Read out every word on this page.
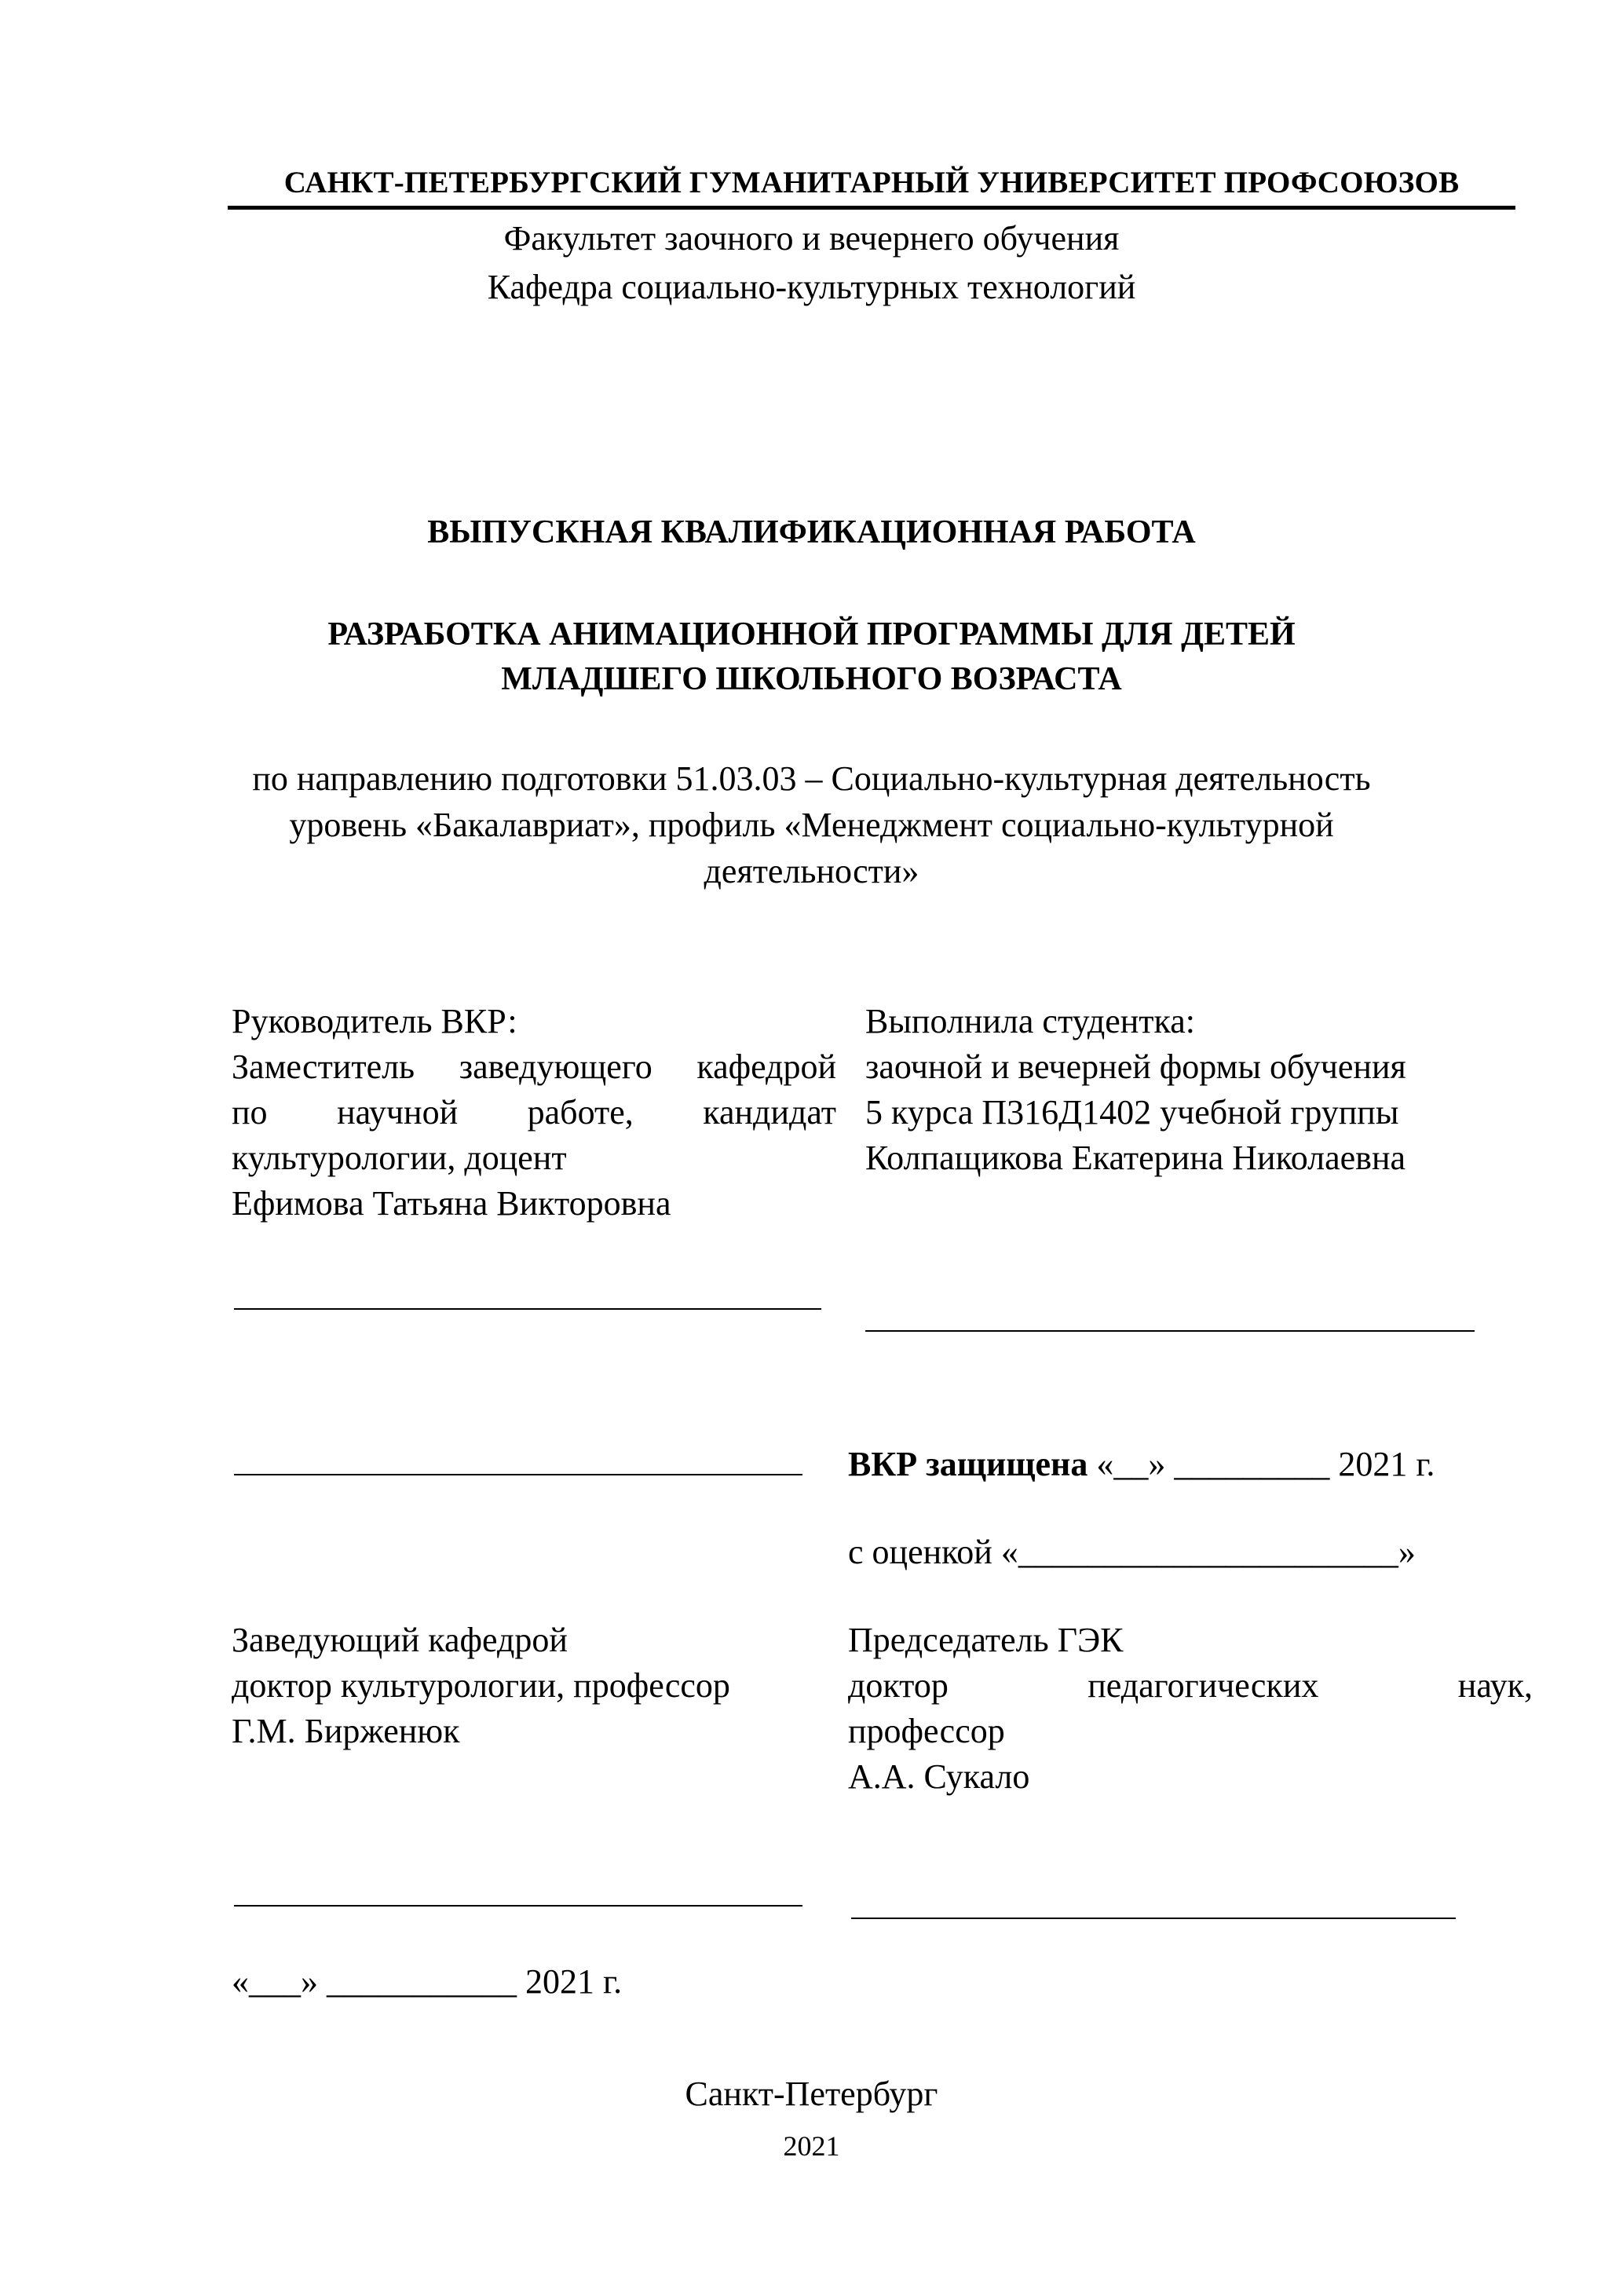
САНКТ-ПЕТЕРБУРГСКИЙ ГУМАНИТАРНЫЙ УНИВЕРСИТЕТ ПРОФСОЮЗОВ
Факультет заочного и вечернего обучения
Кафедра социально-культурных технологий
ВЫПУСКНАЯ КВАЛИФИКАЦИОННАЯ РАБОТА
РАЗРАБОТКА АНИМАЦИОННОЙ ПРОГРАММЫ ДЛЯ ДЕТЕЙ
МЛАДШЕГО ШКОЛЬНОГО ВОЗРАСТА
по направлению подготовки 51.03.03 – Социально-культурная деятельность
уровень «Бакалавриат», профиль «Менеджмент социально-культурной
деятельности»
Руководитель ВКР:
Заместитель заведующего кафедрой
по научной работе, кандидат
культурологии, доцент
Ефимова Татьяна Викторовна
Выполнила студентка:
заочной и вечерней формы обучения
5 курса П316Д1402 учебной группы
Колпащикова Екатерина Николаевна
ВКР защищена «__» _________ 2021 г.
с оценкой «______________________»
Заведующий кафедрой
доктор культурологии, профессор
Г.М. Бирженюк
Председатель ГЭК
доктор педагогических наук,
профессор
А.А. Сукало
«___» ___________ 2021 г.
Санкт-Петербург
2021
